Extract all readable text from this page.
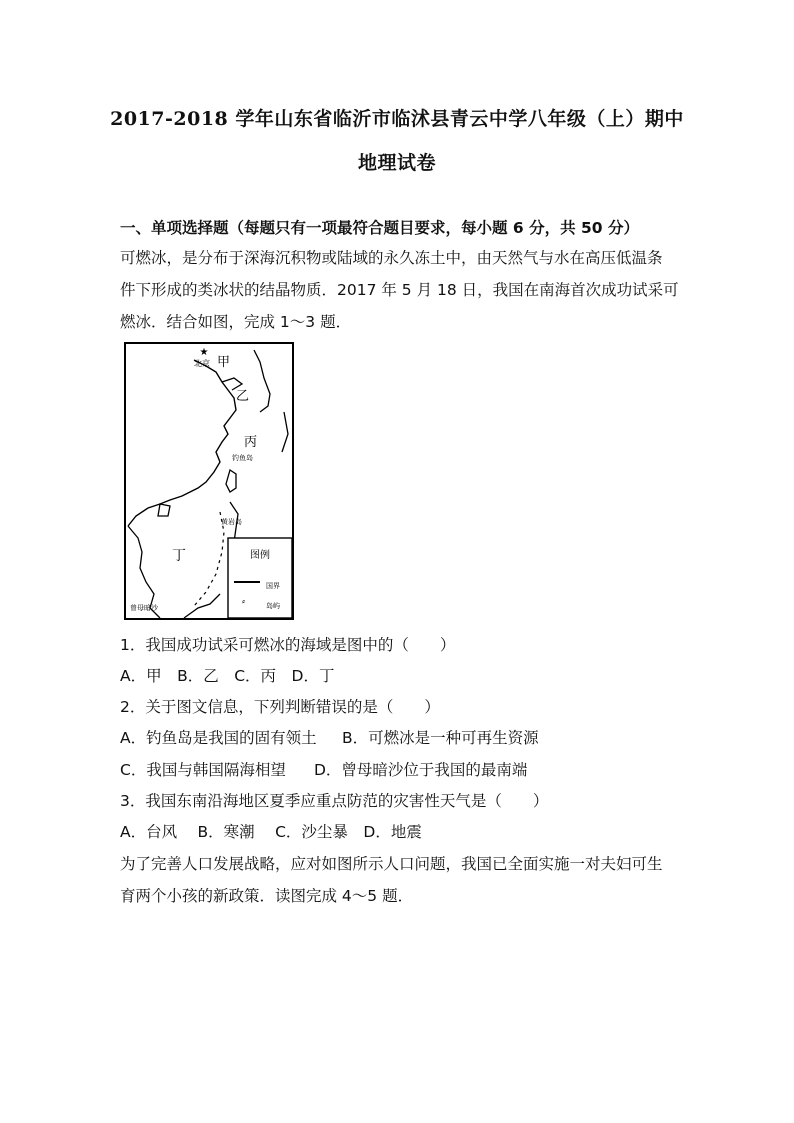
2017-2018 学年山东省临沂市临沭县青云中学八年级（上）期中
地理试卷
一、单项选择题（每题只有一项最符合题目要求，每小题 6 分，共 50 分）
可燃冰，是分布于深海沉积物或陆域的永久冻土中，由天然气与水在高压低温条
件下形成的类冰状的结晶物质．2017 年 5 月 18 日，我国在南海首次成功试采可
燃冰．结合如图，完成 1～3 题．
★
北京 甲
乙
丙
钓鱼岛
黄岩岛
丁
曾母暗沙
图例
国界
⸗	岛屿
1．我国成功试采可燃冰的海域是图中的（　　）
A．甲　B．乙　C．丙　D．丁
2．关于图文信息，下列判断错误的是（　　）
A．钓鱼岛是我国的固有领土 B．可燃冰是一种可再生资源
C．我国与韩国隔海相望 D．曾母暗沙位于我国的最南端
3．我国东南沿海地区夏季应重点防范的灾害性天气是（　　）
A．台风　 B．寒潮　 C．沙尘暴　D．地震
为了完善人口发展战略，应对如图所示人口问题，我国已全面实施一对夫妇可生
育两个小孩的新政策．读图完成 4～5 题．
